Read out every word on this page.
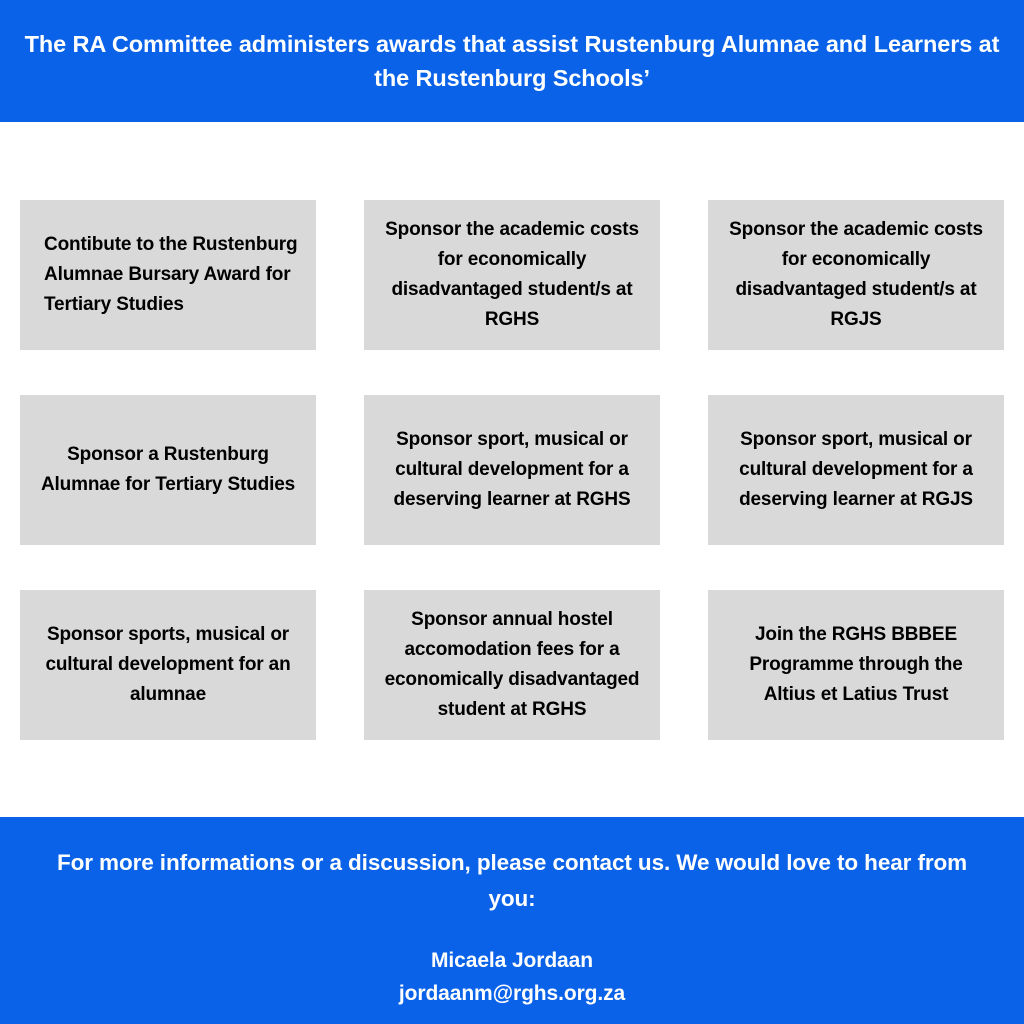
The RA Committee administers awards that assist Rustenburg Alumnae and Learners at the Rustenburg Schools’
Contibute to the Rustenburg Alumnae Bursary Award for Tertiary Studies
Sponsor the academic costs for economically disadvantaged student/s at RGHS
Sponsor the academic costs for economically disadvantaged student/s at RGJS
Sponsor a Rustenburg Alumnae for Tertiary Studies
Sponsor sport, musical or cultural development for a deserving learner at RGHS
Sponsor sport, musical or cultural development for a deserving learner at RGJS
Sponsor sports, musical or cultural development for an alumnae
Sponsor annual hostel accomodation fees for a economically disadvantaged student at RGHS
Join the RGHS BBBEE Programme through the Altius et Latius Trust
For more informations or a discussion, please contact us. We would love to hear from you:
Micaela Jordaan
jordaanm@rghs.org.za
